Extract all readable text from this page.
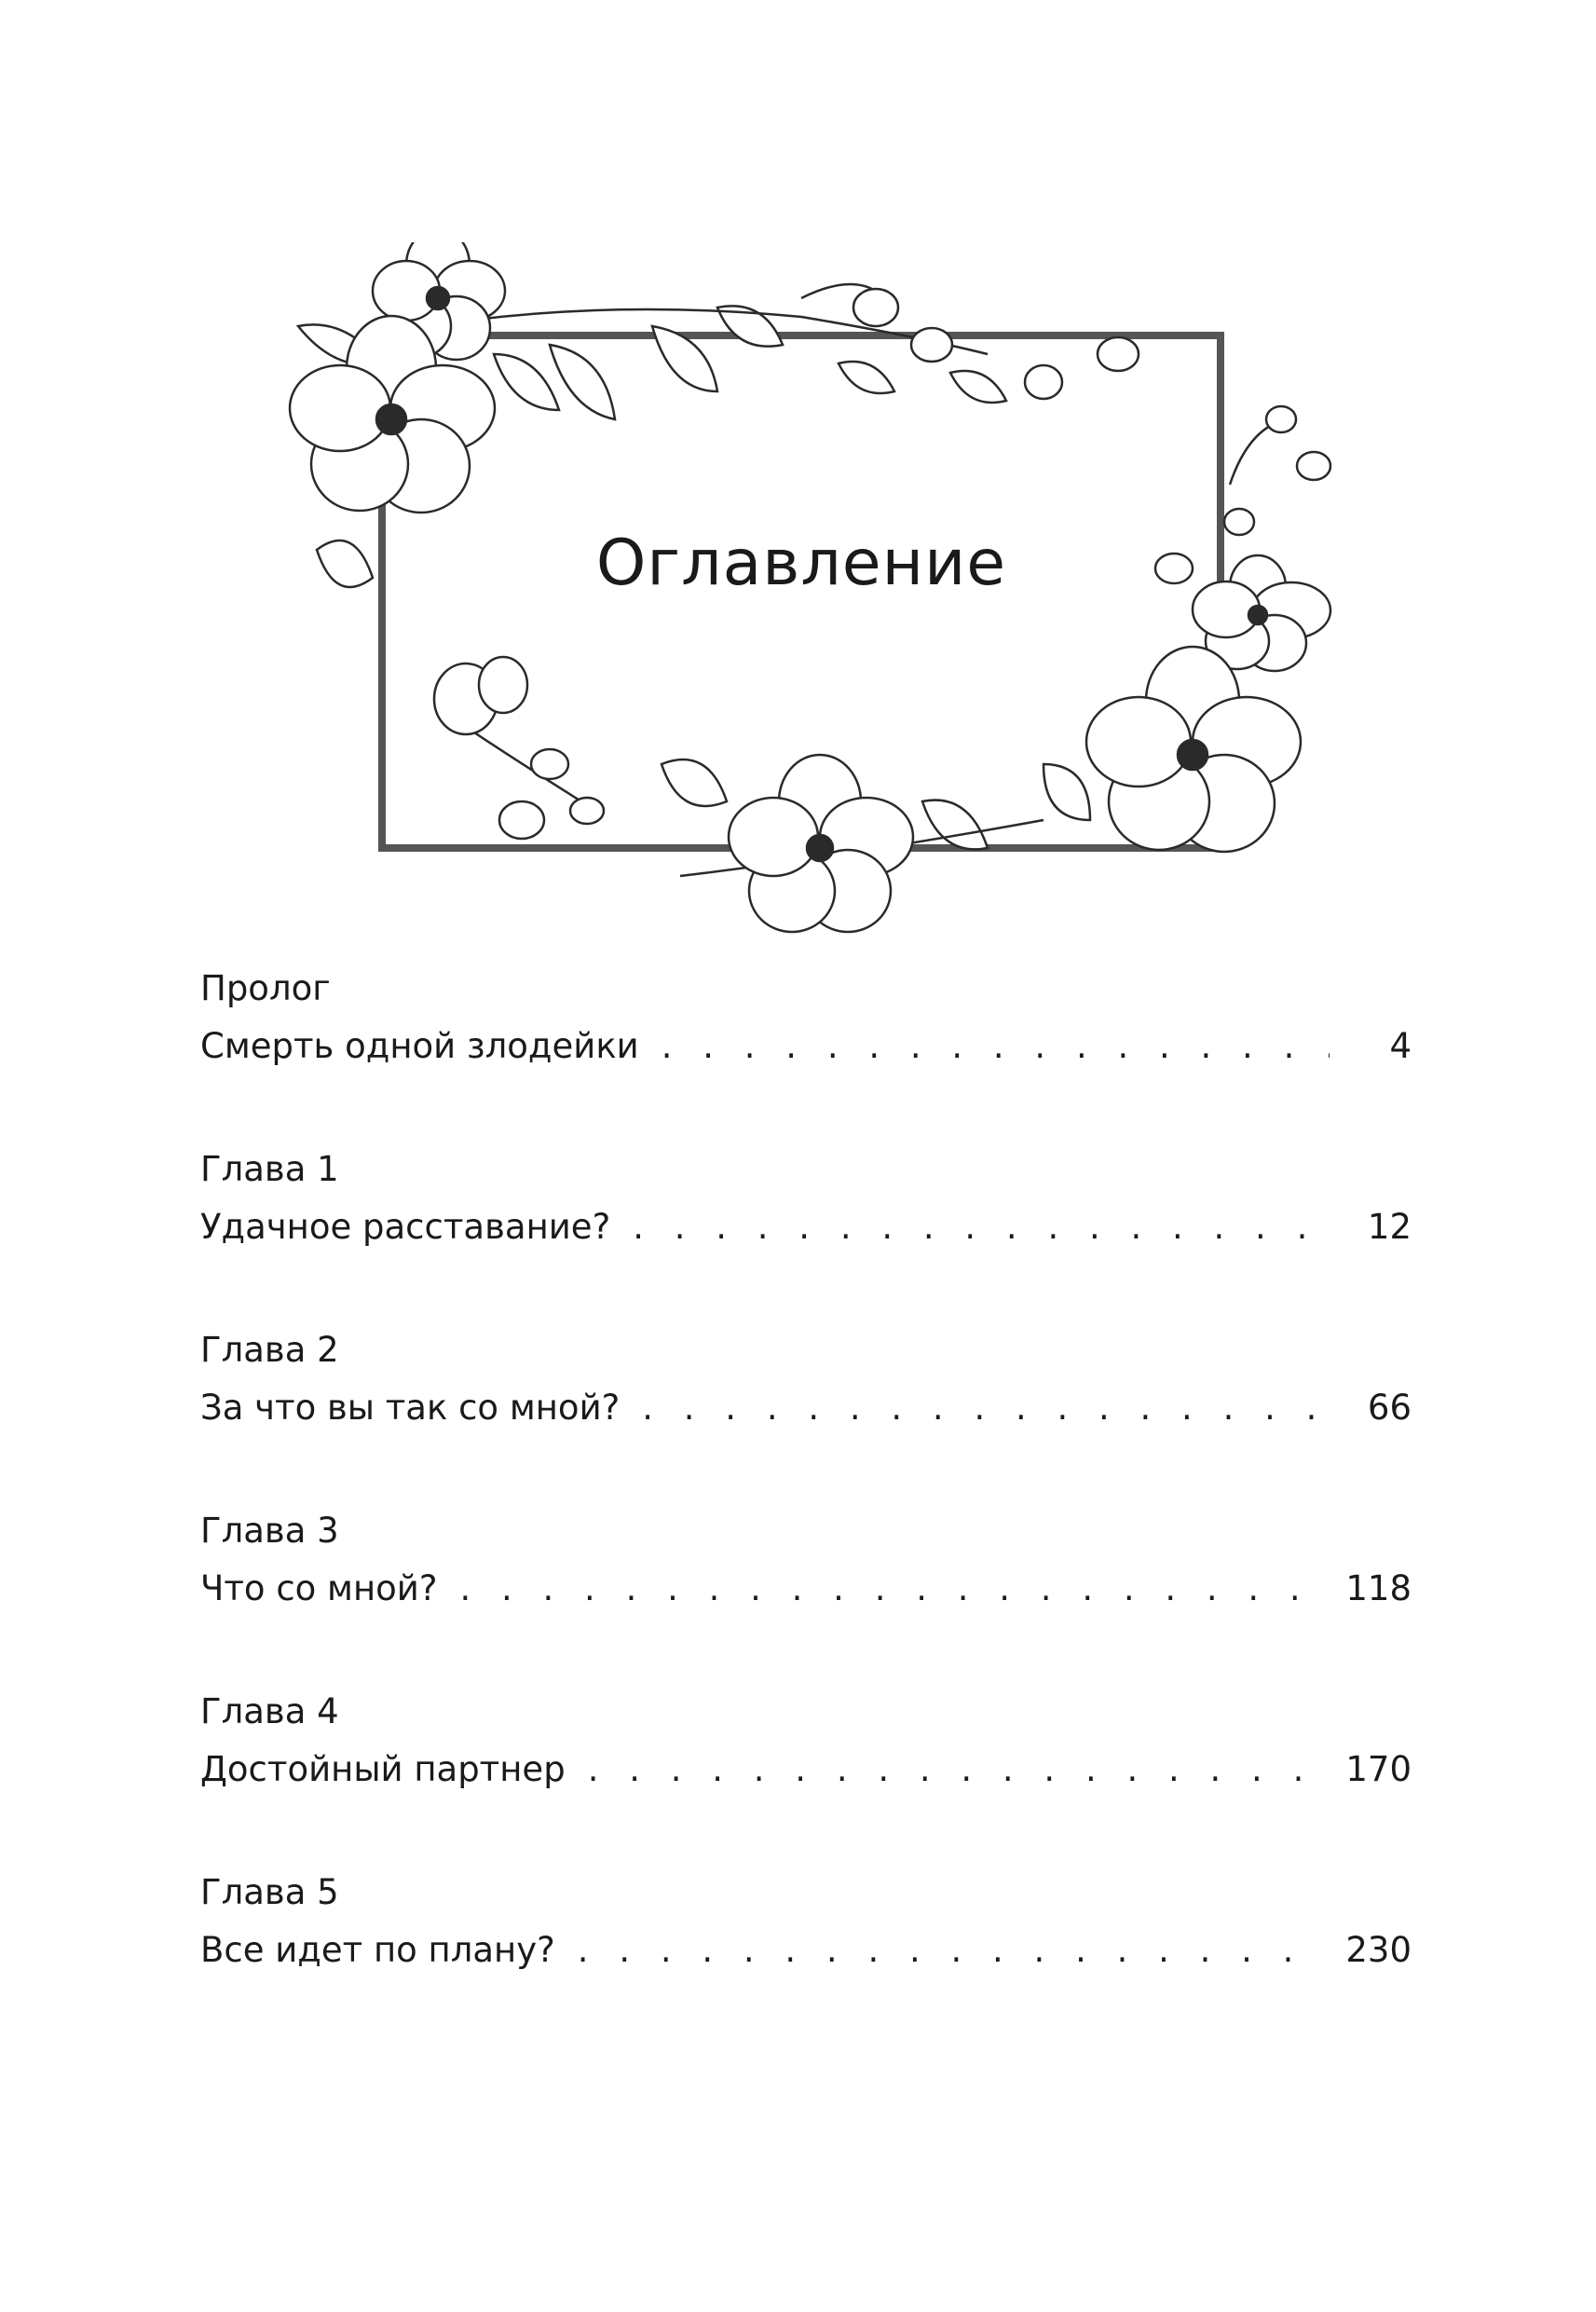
Оглавление
Пролог
Смерть одной злодейки . . .	4
Глава 1
Удачное расставание? . . .	12
Глава 2
За что вы так со мной? . . .	66
Глава 3
Что со мной? . . .	118
Глава 4
Достойный партнер . . .	170
Глава 5
Все идет по плану? . . .	230
